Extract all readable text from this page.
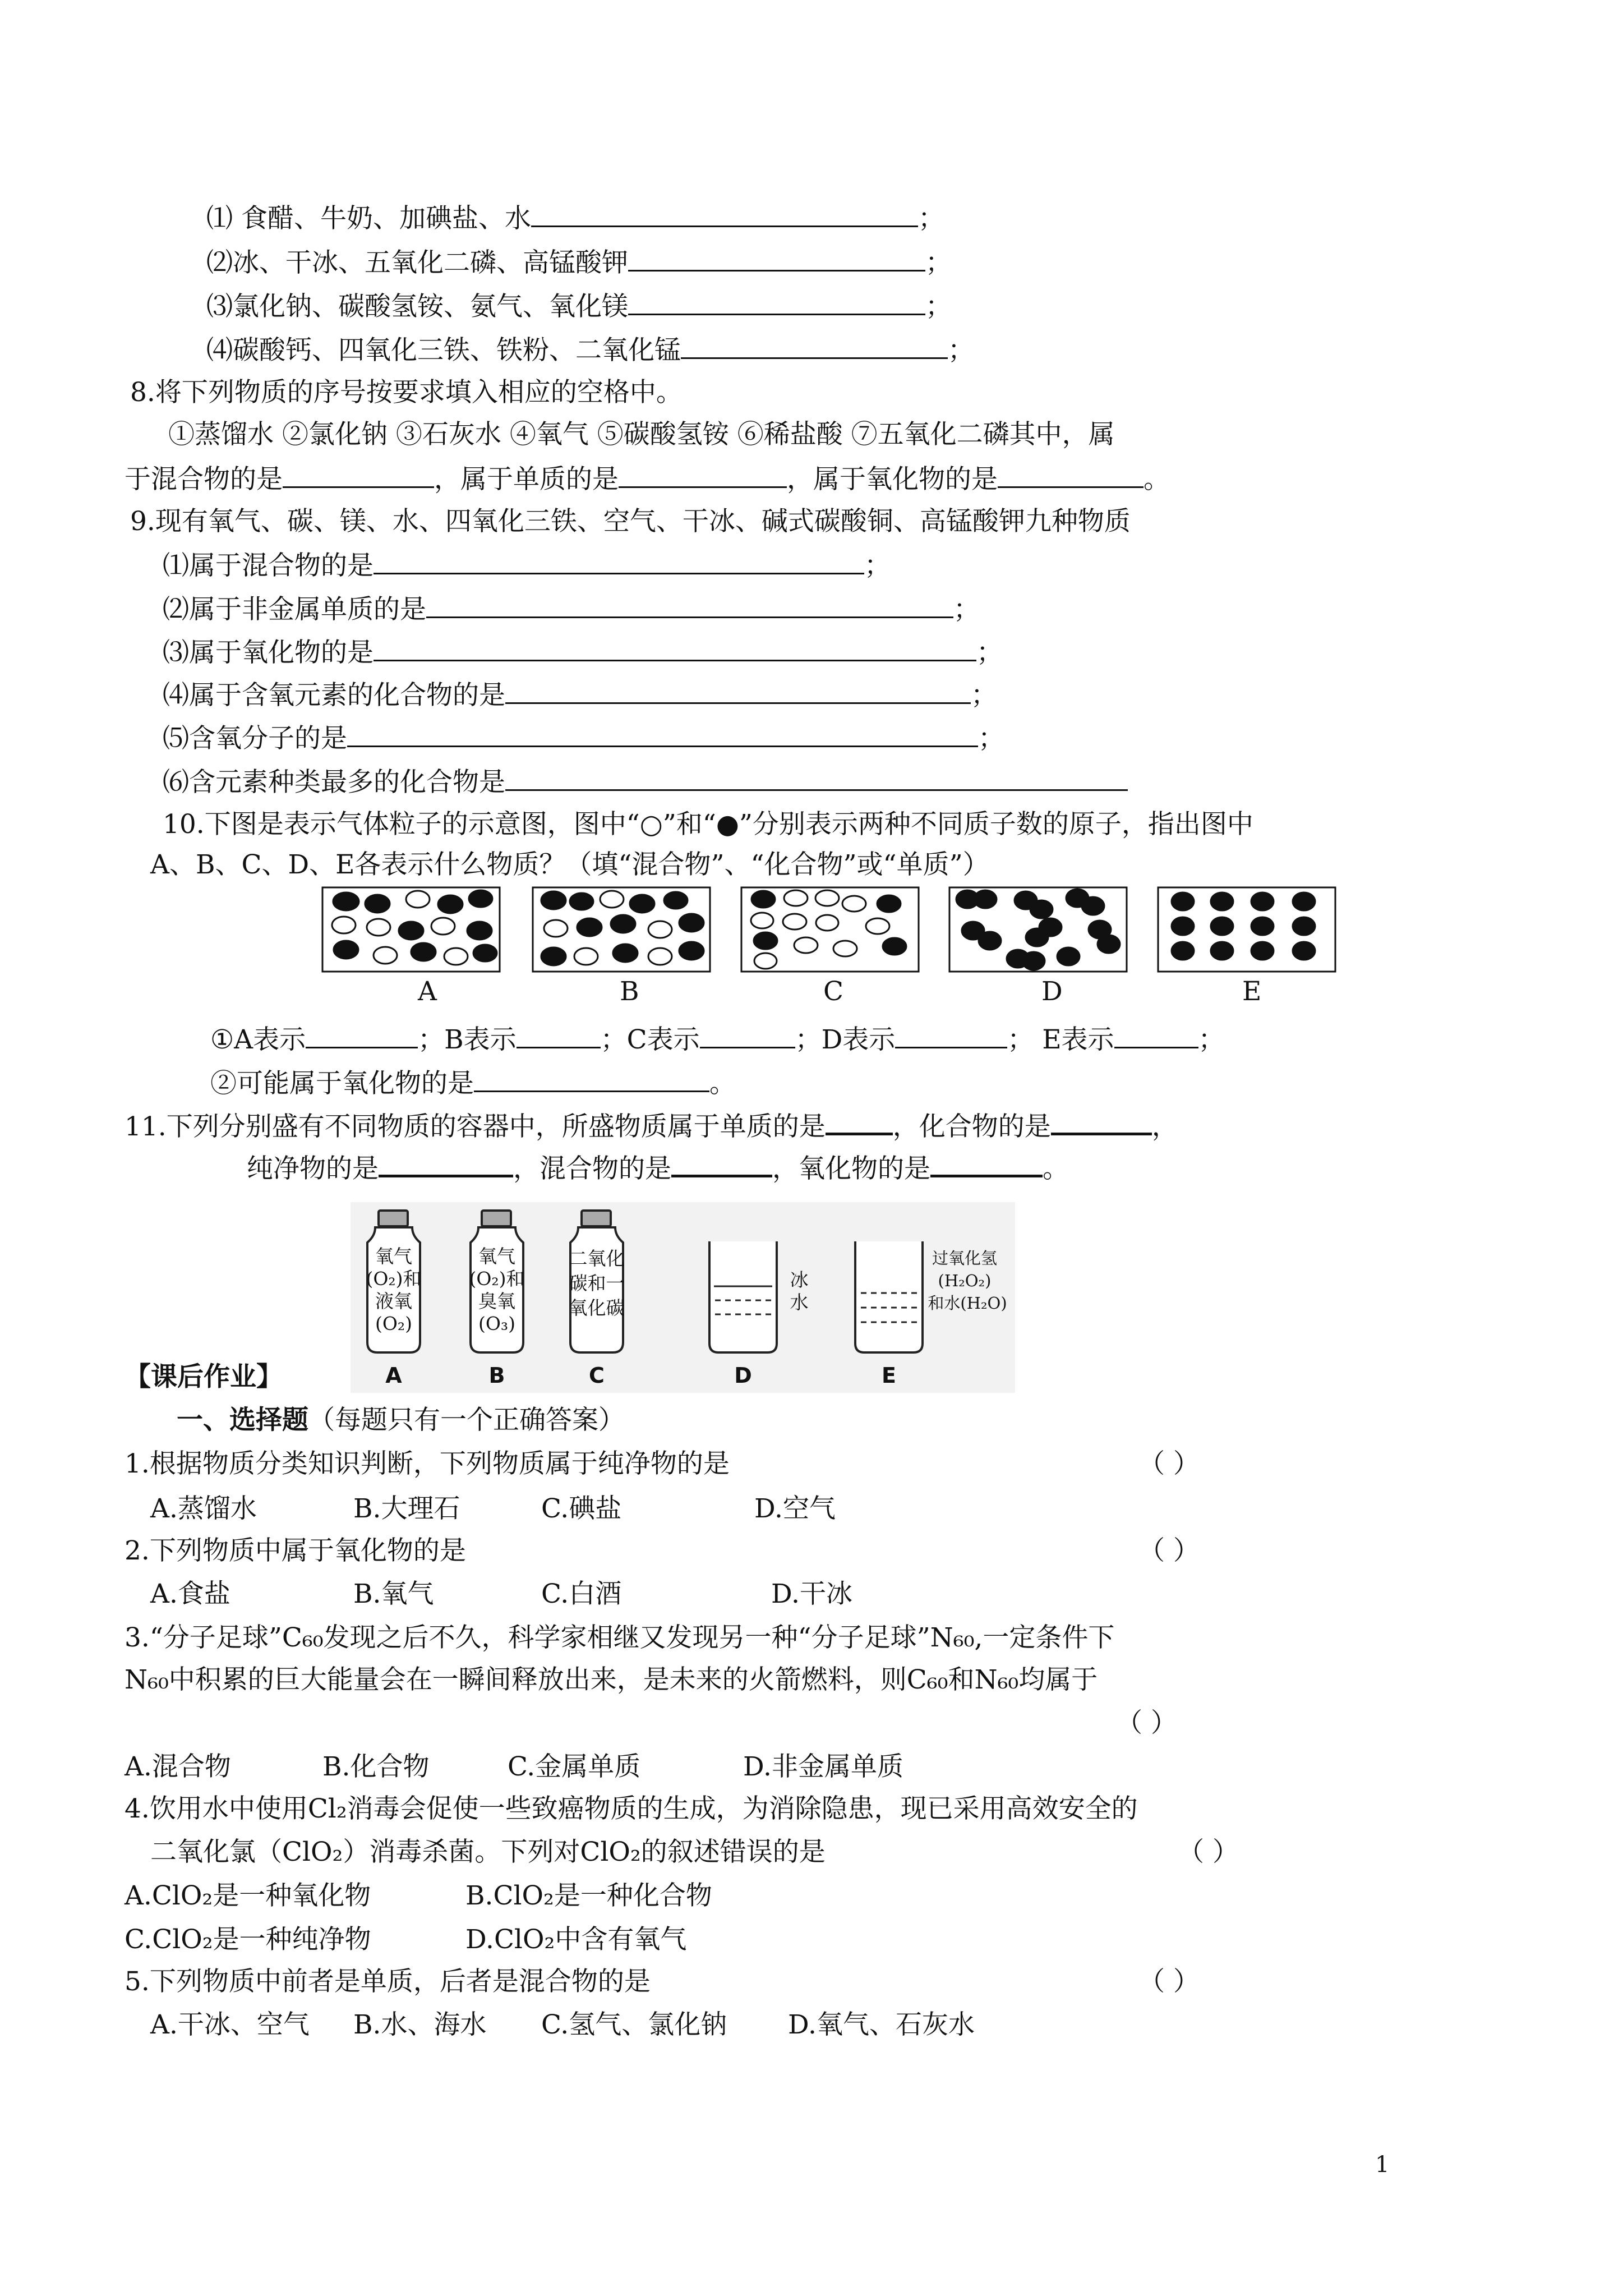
⑴ 食醋、牛奶、加碘盐、水	；
⑵冰、干冰、五氧化二磷、高锰酸钾	；
⑶氯化钠、碳酸氢铵、氨气、氧化镁	；
⑷碳酸钙、四氧化三铁、铁粉、二氧化锰	；
8.将下列物质的序号按要求填入相应的空格中。
①蒸馏水 ②氯化钠 ③石灰水 ④氧气 ⑤碳酸氢铵 ⑥稀盐酸 ⑦五氧化二磷其中，属
于混合物的是	，属于单质的是	，属于氧化物的是	。
9.现有氧气、碳、镁、水、四氧化三铁、空气、干冰、碱式碳酸铜、高锰酸钾九种物质
⑴属于混合物的是	；
⑵属于非金属单质的是	；
⑶属于氧化物的是	；
⑷属于含氧元素的化合物的是	；
⑸含氧分子的是	；
⑹含元素种类最多的化合物是
10.下图是表示气体粒子的示意图，图中“○”和“●”分别表示两种不同质子数的原子，指出图中
A、B、C、D、E各表示什么物质？（填“混合物”、“化合物”或“单质”）
A	B	C	D	E
①A表示	；B表示	；C表示	；D表示	； E表示	；
②可能属于氧化物的是	。
11.下列分别盛有不同物质的容器中，所盛物质属于单质的是	，化合物的是	，
纯净物的是	，混合物的是	，氧化物的是	。
氧气
(O₂)和
液氧
(O₂)
氧气
(O₂)和
臭氧
(O₃)
二氧化
碳和一
氧化碳
冰
水
过氧化氢
(H₂O₂)
和水(H₂O)
A	B	C	D	E
【课后作业】
一、选择题（每题只有一个正确答案）
1.根据物质分类知识判断，下列物质属于纯净物的是	（ ）
A.蒸馏水	B.大理石	C.碘盐	D.空气
2.下列物质中属于氧化物的是	（ ）
A.食盐	B.氧气	C.白酒	D.干冰
3.“分子足球”C₆₀发现之后不久，科学家相继又发现另一种“分子足球”N₆₀,一定条件下
N₆₀中积累的巨大能量会在一瞬间释放出来，是未来的火箭燃料，则C₆₀和N₆₀均属于
（ ）
A.混合物	B.化合物	C.金属单质	D.非金属单质
4.饮用水中使用Cl₂消毒会促使一些致癌物质的生成，为消除隐患，现已采用高效安全的
二氧化氯（ClO₂）消毒杀菌。下列对ClO₂的叙述错误的是	（ ）
A.ClO₂是一种氧化物	B.ClO₂是一种化合物
C.ClO₂是一种纯净物	D.ClO₂中含有氧气
5.下列物质中前者是单质，后者是混合物的是	（ ）
A.干冰、空气 B.水、海水 C.氢气、氯化钠 D.氧气、石灰水
1
